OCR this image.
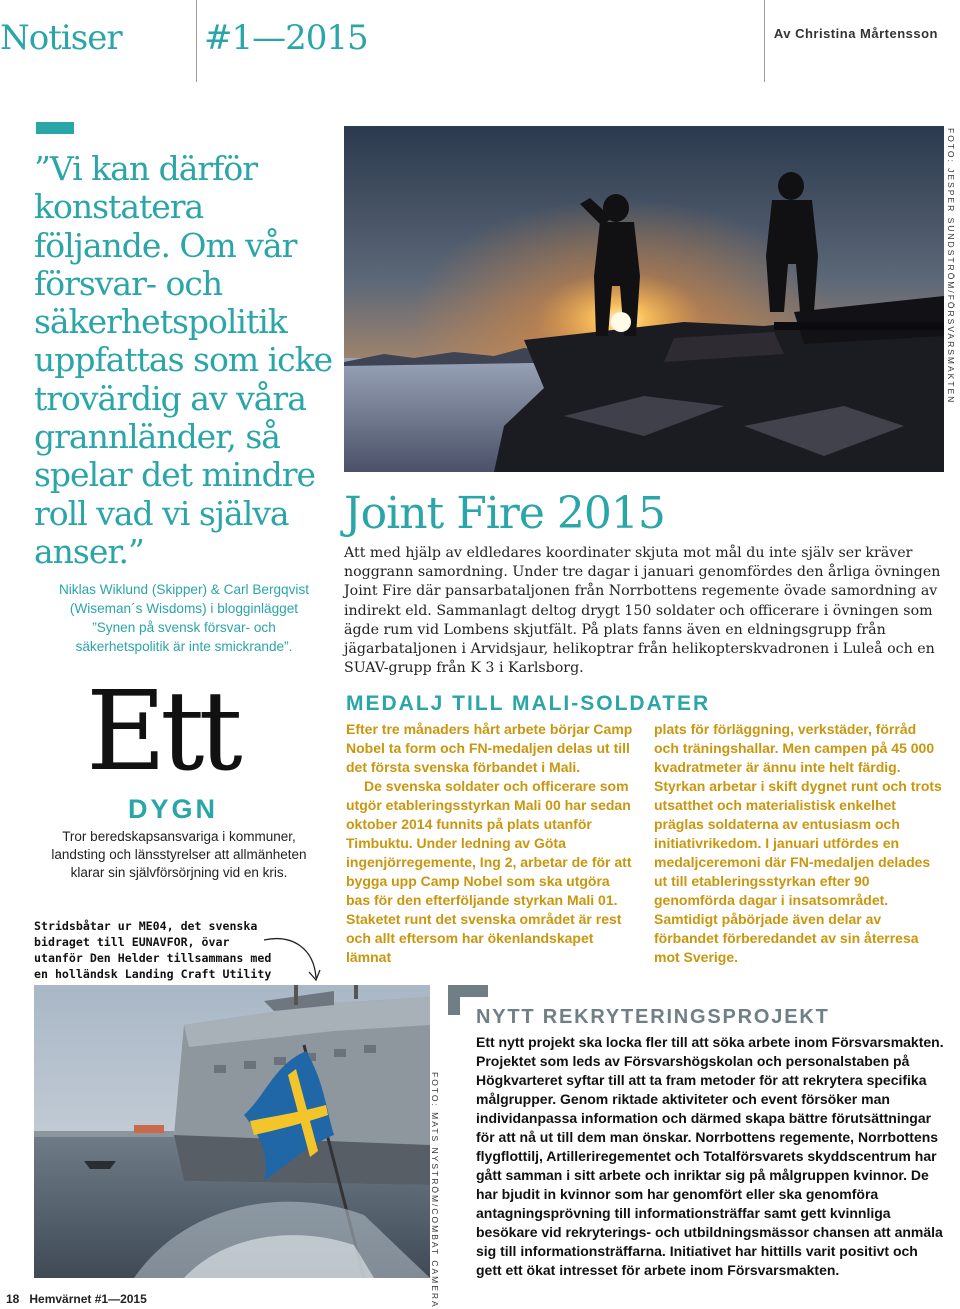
Notiser #1—2015	Av Christina Mårtensson
”Vi kan därför konstatera följande. Om vår försvar- och säkerhetspolitik uppfattas som icke trovärdig av våra grannländer, så spelar det mindre roll vad vi själva anser.”
Niklas Wiklund (Skipper) & Carl Bergqvist (Wiseman´s Wisdoms) i blogginlägget ”Synen på svensk försvar- och säkerhetspolitik är inte smickrande”.
FOTO: JESPER SUNDSTRÖM/FÖRSVARSMAKTEN
Joint Fire 2015
Att med hjälp av eldledares koordinater skjuta mot mål du inte själv ser kräver noggrann samordning. Under tre dagar i januari genomfördes den årliga övningen Joint Fire där pansarbataljonen från Norrbottens regemente övade samordning av indirekt eld. Sammanlagt deltog drygt 150 soldater och officerare i övningen som ägde rum vid Lombens skjutfält. På plats fanns även en eldningsgrupp från jägarbataljonen i Arvidsjaur, helikoptrar från helikopterskvadronen i Luleå och en SUAV-grupp från K 3 i Karlsborg.
Ett
DYGN
Tror beredskapsansvariga i kommuner, landsting och länsstyrelser att allmänheten klarar sin självförsörjning vid en kris.
Stridsbåtar ur ME04, det svenska bidraget till EUNAVFOR, övar utanför Den Helder tillsammans med en holländsk Landing Craft Utility
MEDALJ TILL MALI-SOLDATER

Efter tre månaders hårt arbete börjar Camp Nobel ta form och FN-medaljen delas ut till det första svenska förbandet i Mali.

De svenska soldater och officerare som utgör etableringsstyrkan Mali 00 har sedan oktober 2014 funnits på plats utanför Timbuktu. Under ledning av Göta ingenjörregemente, Ing 2, arbetar de för att bygga upp Camp Nobel som ska utgöra bas för den efterföljande styrkan Mali 01. Staketet runt det svenska området är rest och allt eftersom har ökenlandskapet lämnat

plats för förläggning, verkstäder, förråd och träningshallar. Men campen på 45 000 kvadratmeter är ännu inte helt färdig. Styrkan arbetar i skift dygnet runt och trots utsatthet och materialistisk enkelhet präglas soldaterna av entusiasm och initiativrikedom. I januari utfördes en medaljceremoni där FN-medaljen delades ut till etableringsstyrkan efter 90 genomförda dagar i insatsområdet. Samtidigt påbörjade även delar av förbandet förberedandet av sin återresa mot Sverige.
FOTO: MATS NYSTRÖM/COMBAT CAMERA
18 Hemvärnet #1—2015
NYTT REKRYTERINGSPROJEKT
Ett nytt projekt ska locka fler till att söka arbete inom Försvarsmakten. Projektet som leds av Försvarshögskolan och personalstaben på Högkvarteret syftar till att ta fram metoder för att rekrytera specifika målgrupper. Genom riktade aktiviteter och event försöker man individanpassa information och därmed skapa bättre förutsättningar för att nå ut till dem man önskar. Norrbottens regemente, Norrbottens flygflottilj, Artilleriregementet och Totalförsvarets skyddscentrum har gått samman i sitt arbete och inriktar sig på målgruppen kvinnor. De har bjudit in kvinnor som har genomfört eller ska genomföra antagningsprövning till informationsträffar samt gett kvinnliga besökare vid rekryterings- och utbildningsmässor chansen att anmäla sig till informationsträffarna. Initiativet har hittills varit positivt och gett ett ökat intresset för arbete inom Försvarsmakten.
